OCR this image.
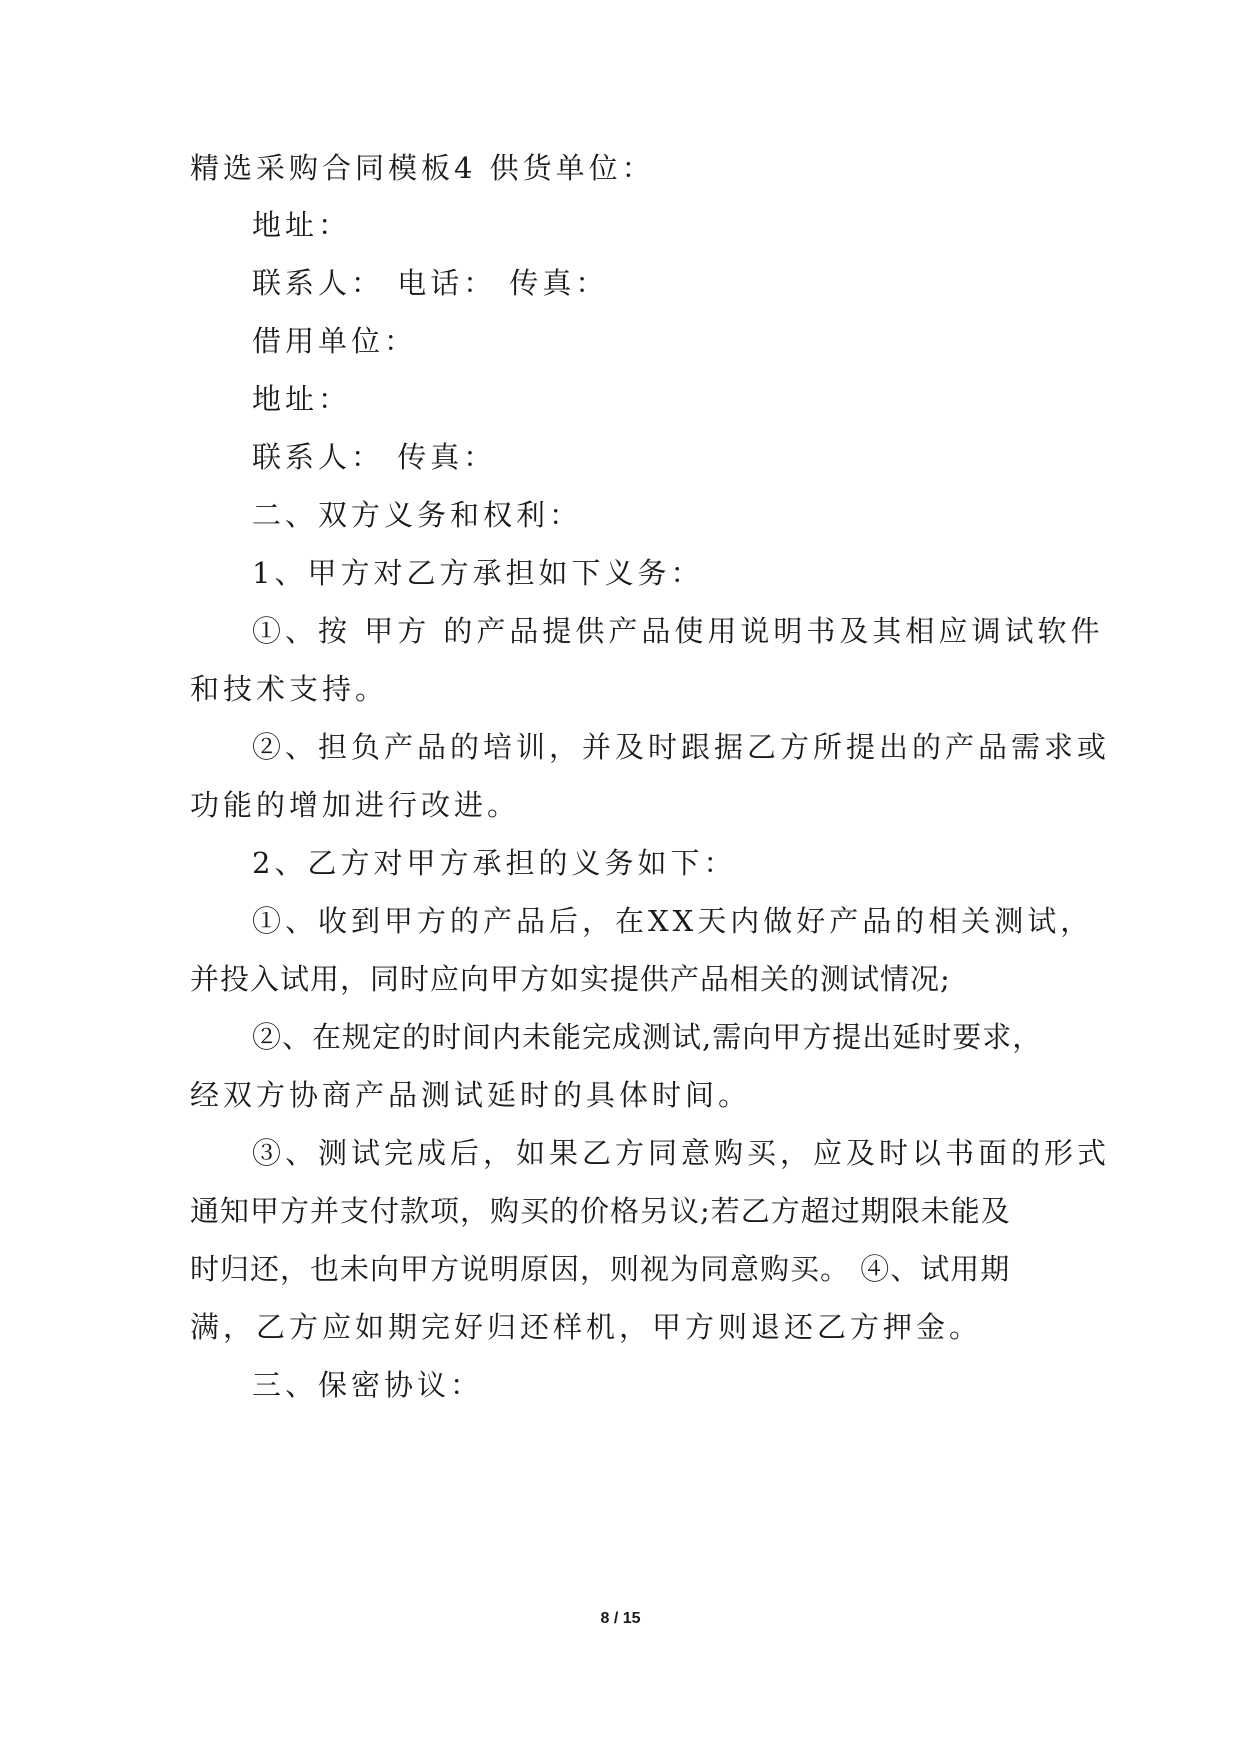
精选采购合同模板4 供货单位：
地址：
联系人： 电话： 传真：
借用单位：
地址：
联系人： 传真：
二、双方义务和权利：
1、甲方对乙方承担如下义务：
①、按 甲方 的产品提供产品使用说明书及其相应调试软件
和技术支持。
②、担负产品的培训，并及时跟据乙方所提出的产品需求或
功能的增加进行改进。
2、乙方对甲方承担的义务如下：
①、收到甲方的产品后，在XX天内做好产品的相关测试，
并投入试用，同时应向甲方如实提供产品相关的测试情况;
②、在规定的时间内未能完成测试,需向甲方提出延时要求，
经双方协商产品测试延时的具体时间。
③、测试完成后，如果乙方同意购买，应及时以书面的形式
通知甲方并支付款项，购买的价格另议;若乙方超过期限未能及
时归还，也未向甲方说明原因，则视为同意购买。 ④、试用期
满，乙方应如期完好归还样机，甲方则退还乙方押金。
三、保密协议：
8 / 15
